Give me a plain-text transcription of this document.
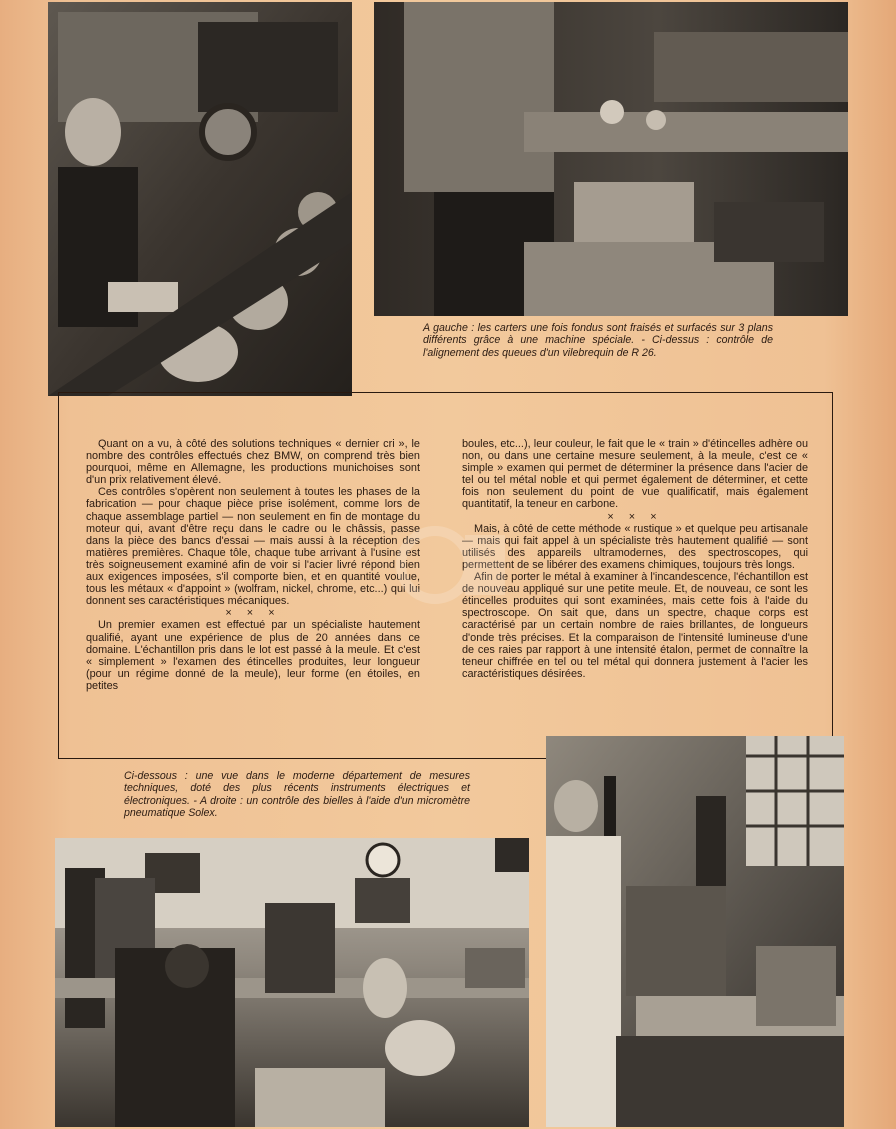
A gauche : les carters une fois fondus sont fraisés et surfacés sur 3 plans différents grâce à une machine spéciale. - Ci-dessus : contrôle de l'alignement des queues d'un vilebrequin de R 26.

Quant on a vu, à côté des solutions techniques « dernier cri », le nombre des contrôles effectués chez BMW, on comprend très bien pourquoi, même en Allemagne, les productions munichoises sont d'un prix relativement élevé.

Ces contrôles s'opèrent non seulement à toutes les phases de la fabrication — pour chaque pièce prise isolément, comme lors de chaque assemblage partiel — non seulement en fin de montage du moteur qui, avant d'être reçu dans le cadre ou le châssis, passe dans la pièce des bancs d'essai — mais aussi à la réception des matières premières. Chaque tôle, chaque tube arrivant à l'usine est très soigneusement examiné afin de voir si l'acier livré répond bien aux exigences imposées, s'il comporte bien, et en quantité voulue, tous les métaux « d'appoint » (wolfram, nickel, chrome, etc...) qui lui donnent ses caractéristiques mécaniques.

× × ×

Un premier examen est effectué par un spécialiste hautement qualifié, ayant une expérience de plus de 20 années dans ce domaine. L'échantillon pris dans le lot est passé à la meule. Et c'est « simplement » l'examen des étincelles produites, leur longueur (pour un régime donné de la meule), leur forme (en étoiles, en petites

boules, etc...), leur couleur, le fait que le « train » d'étincelles adhère ou non, ou dans une certaine mesure seulement, à la meule, c'est ce « simple » examen qui permet de déterminer la présence dans l'acier de tel ou tel métal noble et qui permet également de déterminer, et cette fois non seulement du point de vue qualificatif, mais également quantitatif, la teneur en carbone.

× × ×

Mais, à côté de cette méthode « rustique » et quelque peu artisanale — mais qui fait appel à un spécialiste très hautement qualifié — sont utilisés des appareils ultramodernes, des spectroscopes, qui permettent de se libérer des examens chimiques, toujours très longs.

Afin de porter le métal à examiner à l'incandescence, l'échantillon est de nouveau appliqué sur une petite meule. Et, de nouveau, ce sont les étincelles produites qui sont examinées, mais cette fois à l'aide du spectroscope. On sait que, dans un spectre, chaque corps est caractérisé par un certain nombre de raies brillantes, de longueurs d'onde très précises. Et la comparaison de l'intensité lumineuse d'une de ces raies par rapport à une intensité étalon, permet de connaître la teneur chiffrée en tel ou tel métal qui donnera justement à l'acier les caractéristiques désirées.

Ci-dessous : une vue dans le moderne département de mesures techniques, doté des plus récents instruments électriques et électroniques. - A droite : un contrôle des bielles à l'aide d'un micromètre pneumatique Solex.
